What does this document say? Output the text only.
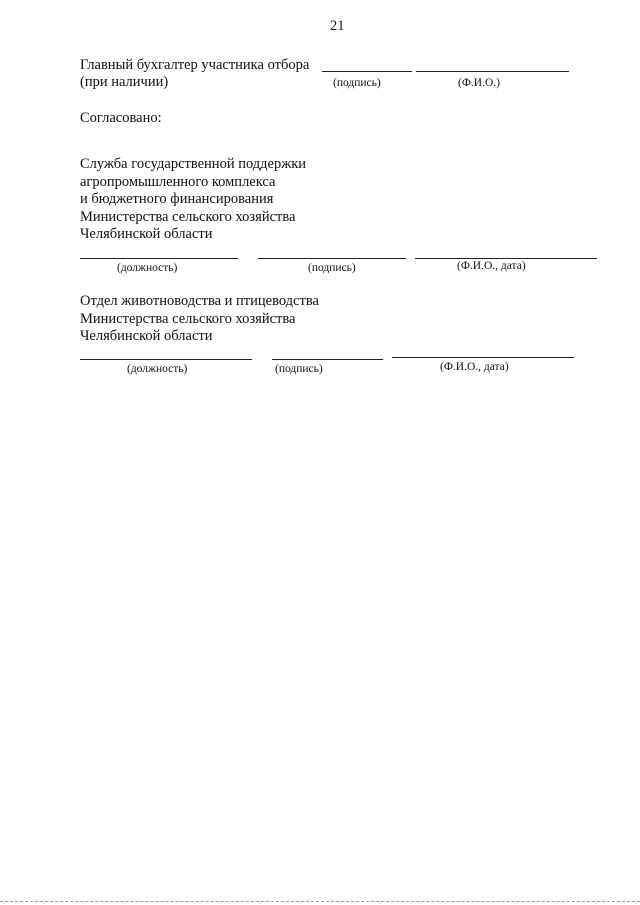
21
Главный бухгалтер участника отбора
(при наличии)	(подпись)	(Ф.И.О.)
Согласовано:
Служба государственной поддержки
агропромышленного комплекса
и бюджетного финансирования
Министерства сельского хозяйства
Челябинской области
(должность)	(подпись)	(Ф.И.О., дата)
Отдел животноводства и птицеводства
Министерства сельского хозяйства
Челябинской области
(должность)	(подпись)	(Ф.И.О., дата)
